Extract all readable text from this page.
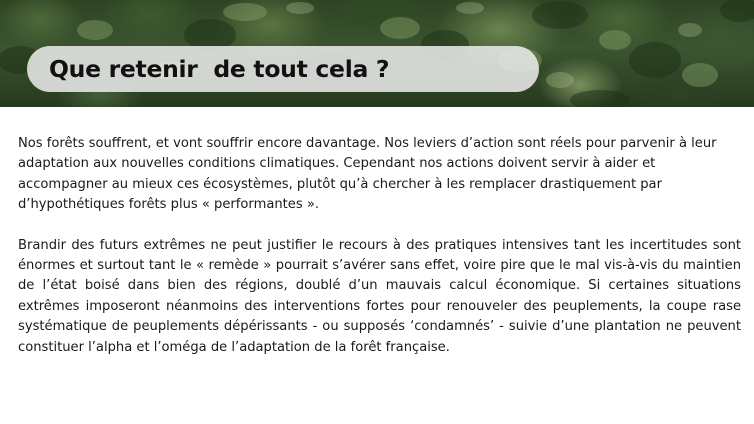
Que retenir  de tout cela ?

Nos forêts souffrent, et vont souffrir encore davantage. Nos leviers d’action sont réels pour parvenir à leur adaptation aux nouvelles conditions climatiques. Cependant nos actions doivent servir à aider et accompagner au mieux ces écosystèmes, plutôt qu’à chercher à les remplacer drastiquement par d’hypothétiques forêts plus « performantes ».

Brandir des futurs extrêmes ne peut justifier le recours à des pratiques intensives tant les incertitudes sont énormes et surtout tant le « remède » pourrait s’avérer sans effet, voire pire que le mal vis-à-vis du maintien de l’état boisé dans bien des régions, doublé d’un mauvais calcul économique. Si certaines situations extrêmes imposeront néanmoins des interventions fortes pour renouveler des peuplements, la coupe rase systématique de peuplements dépérissants - ou supposés ‘condamnés’ - suivie d’une plantation ne peuvent constituer l’alpha et l’oméga de l’adaptation de la forêt française.
